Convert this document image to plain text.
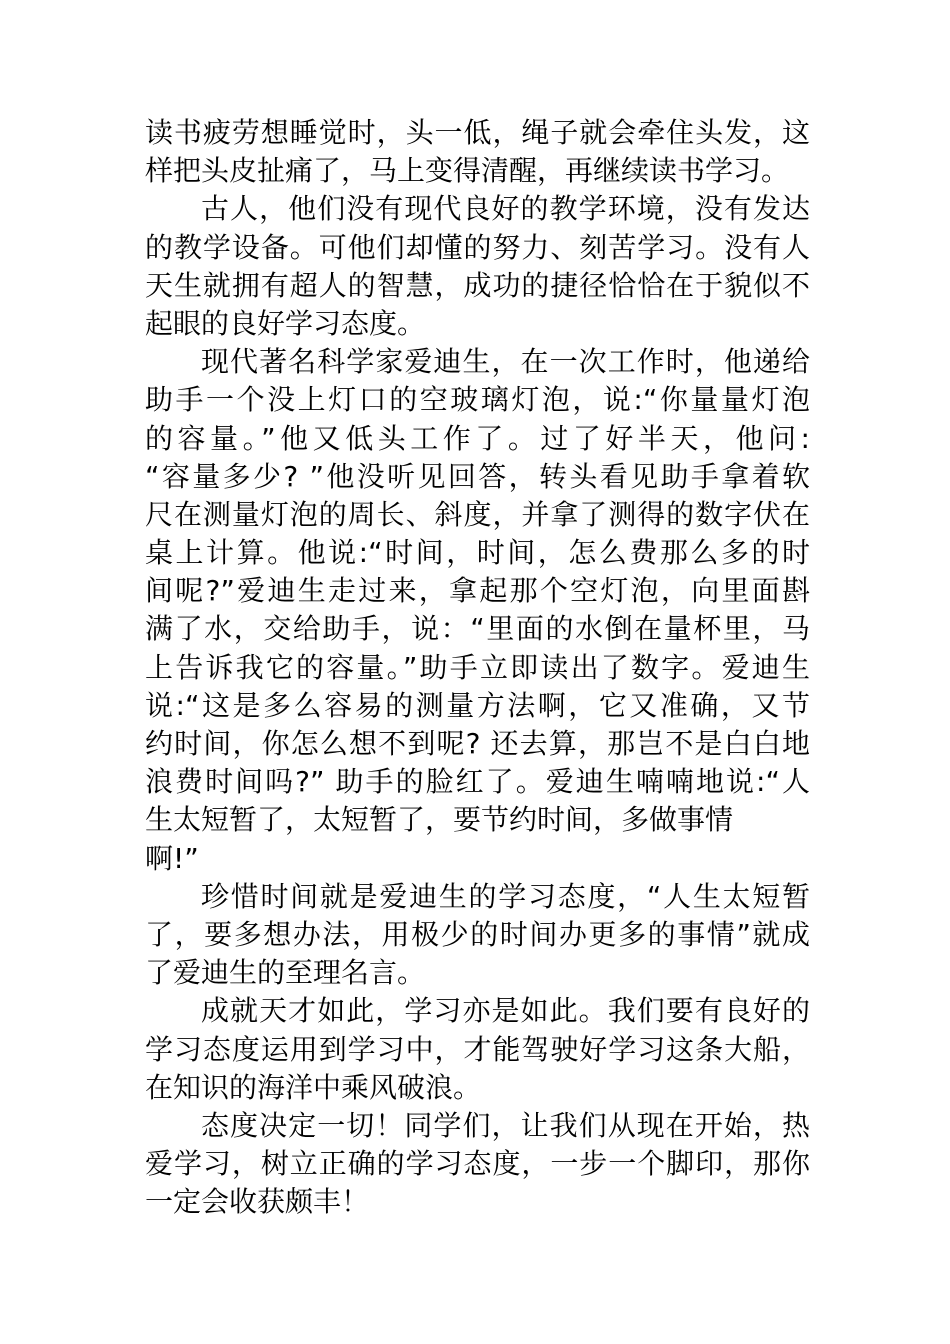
读书疲劳想睡觉时，头一低，绳子就会牵住头发，这
样把头皮扯痛了，马上变得清醒，再继续读书学习。
古人，他们没有现代良好的教学环境，没有发达
的教学设备。可他们却懂的努力、刻苦学习。没有人
天生就拥有超人的智慧，成功的捷径恰恰在于貌似不
起眼的良好学习态度。
现代著名科学家爱迪生，在一次工作时，他递给
助手一个没上灯口的空玻璃灯泡，说:“你量量灯泡
的容量。”他又低头工作了。过了好半天，他问:
“容量多少? ”他没听见回答，转头看见助手拿着软
尺在测量灯泡的周长、斜度，并拿了测得的数字伏在
桌上计算。他说:“时间，时间，怎么费那么多的时
间呢?”爱迪生走过来，拿起那个空灯泡，向里面斟
满了水，交给助手，说：“里面的水倒在量杯里，马
上告诉我它的容量。”助手立即读出了数字。爱迪生
说:“这是多么容易的测量方法啊，它又准确，又节
约时间，你怎么想不到呢? 还去算，那岂不是白白地
浪费时间吗?” 助手的脸红了。爱迪生喃喃地说:“人
生太短暂了，太短暂了，要节约时间，多做事情
啊!”
珍惜时间就是爱迪生的学习态度，“人生太短暂
了，要多想办法，用极少的时间办更多的事情”就成
了爱迪生的至理名言。
成就天才如此，学习亦是如此。我们要有良好的
学习态度运用到学习中，才能驾驶好学习这条大船，
在知识的海洋中乘风破浪。
态度决定一切！同学们，让我们从现在开始，热
爱学习，树立正确的学习态度，一步一个脚印，那你
一定会收获颇丰！
